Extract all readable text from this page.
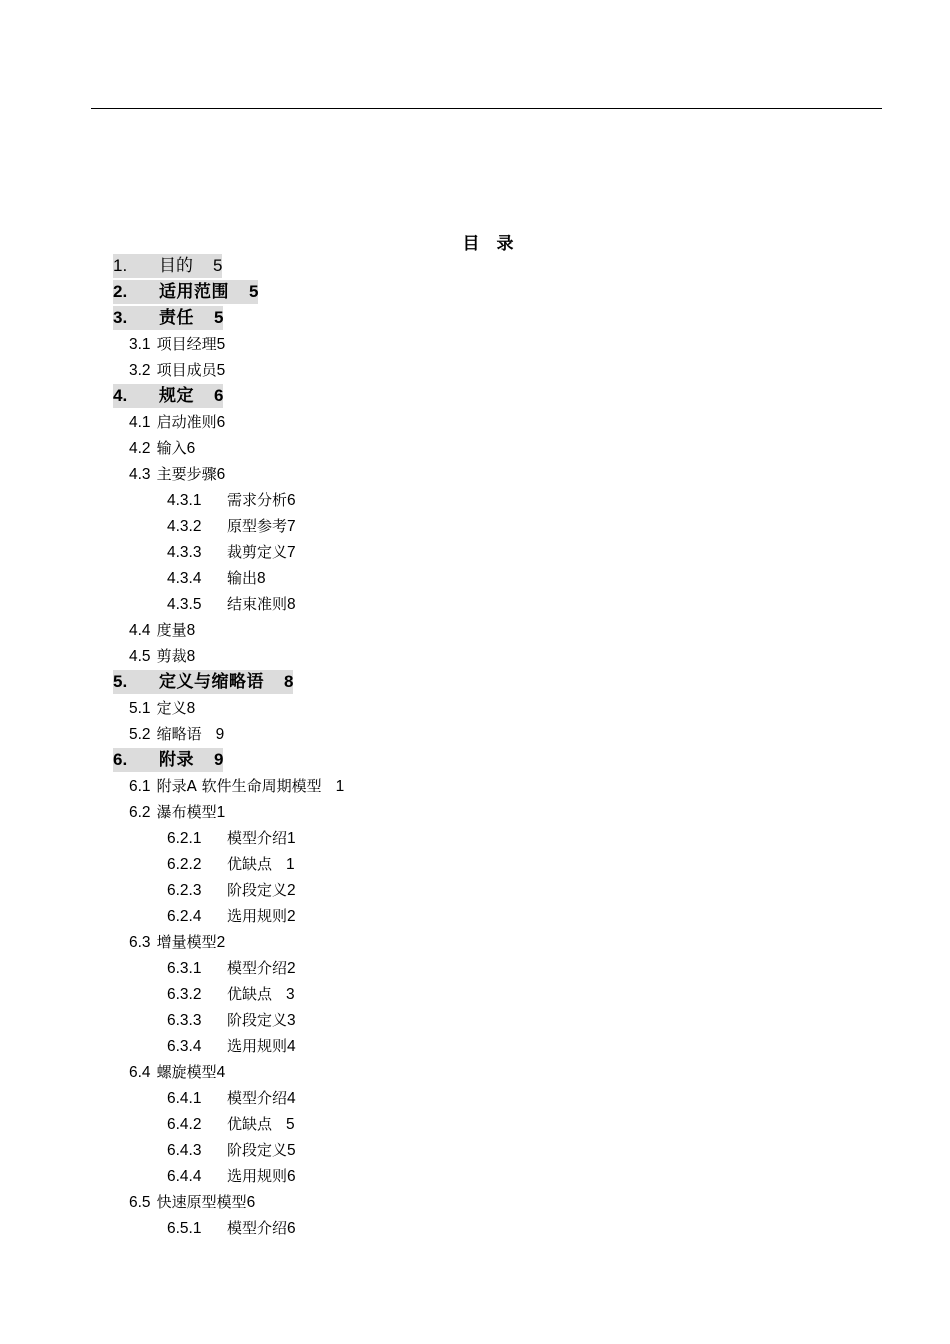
目　录
1. 目的 5
2. 适用范围 5
3. 责任 5
3.1 项目经理5
3.2 项目成员5
4. 规定 6
4.1 启动准则6
4.2 输入6
4.3 主要步骤6
4.3.1 需求分析6
4.3.2 原型参考7
4.3.3 裁剪定义7
4.3.4 输出8
4.3.5 结束准则8
4.4 度量8
4.5 剪裁8
5. 定义与缩略语 8
5.1 定义8
5.2 缩略语 9
6. 附录 9
6.1 附录A 软件生命周期模型 1
6.2 瀑布模型1
6.2.1 模型介绍1
6.2.2 优缺点 1
6.2.3 阶段定义2
6.2.4 选用规则2
6.3 增量模型2
6.3.1 模型介绍2
6.3.2 优缺点 3
6.3.3 阶段定义3
6.3.4 选用规则4
6.4 螺旋模型4
6.4.1 模型介绍4
6.4.2 优缺点 5
6.4.3 阶段定义5
6.4.4 选用规则6
6.5 快速原型模型6
6.5.1 模型介绍6
